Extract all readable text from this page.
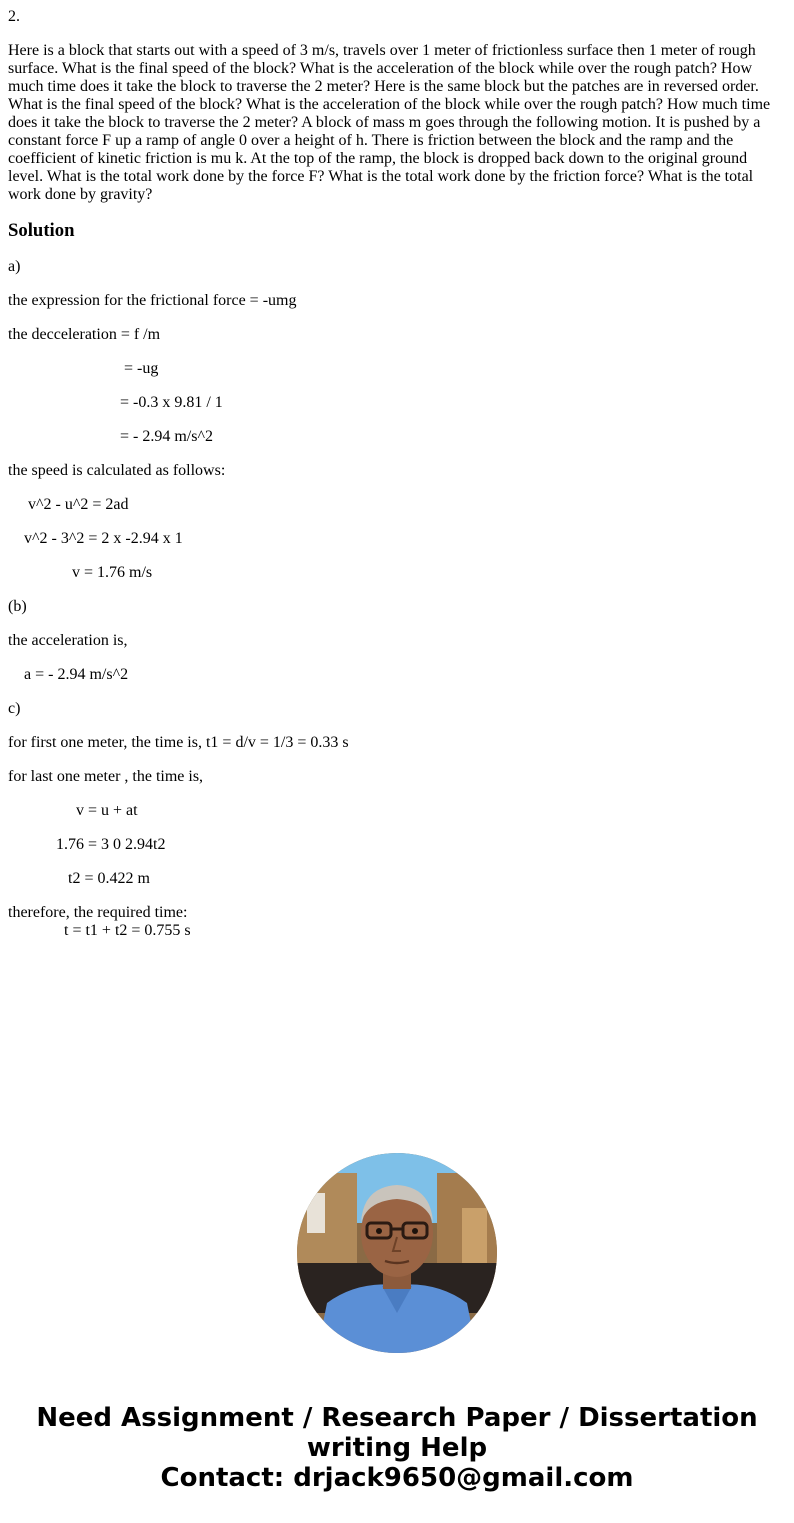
2.

Here is a block that starts out with a speed of 3 m/s, travels over 1 meter of frictionless surface then 1 meter of rough surface. What is the final speed of the block? What is the acceleration of the block while over the rough patch? How much time does it take the block to traverse the 2 meter? Here is the same block but the patches are in reversed order. What is the final speed of the block? What is the acceleration of the block while over the rough patch? How much time does it take the block to traverse the 2 meter? A block of mass m goes through the following motion. It is pushed by a constant force F up a ramp of angle 0 over a height of h. There is friction between the block and the ramp and the coefficient of kinetic friction is mu k. At the top of the ramp, the block is dropped back down to the original ground level. What is the total work done by the force F? What is the total work done by the friction force? What is the total work done by gravity?

Solution
a)
the expression for the frictional force = -umg
the decceleration = f /m
= -ug
= -0.3 x 9.81 / 1
= - 2.94 m/s^2
the speed is calculated as follows:
v^2 - u^2 = 2ad
v^2 - 3^2 = 2 x -2.94 x 1
v = 1.76 m/s
(b)
the acceleration is,
a = - 2.94 m/s^2
c)
for first one meter, the time is, t1 = d/v = 1/3 = 0.33 s
for last one meter , the time is,
v = u + at
1.76 = 3 0 2.94t2
t2 = 0.422 m
therefore, the required time:
t = t1 + t2 = 0.755 s
Need Assignment / Research Paper / Dissertation
writing Help
Contact: drjack9650@gmail.com
